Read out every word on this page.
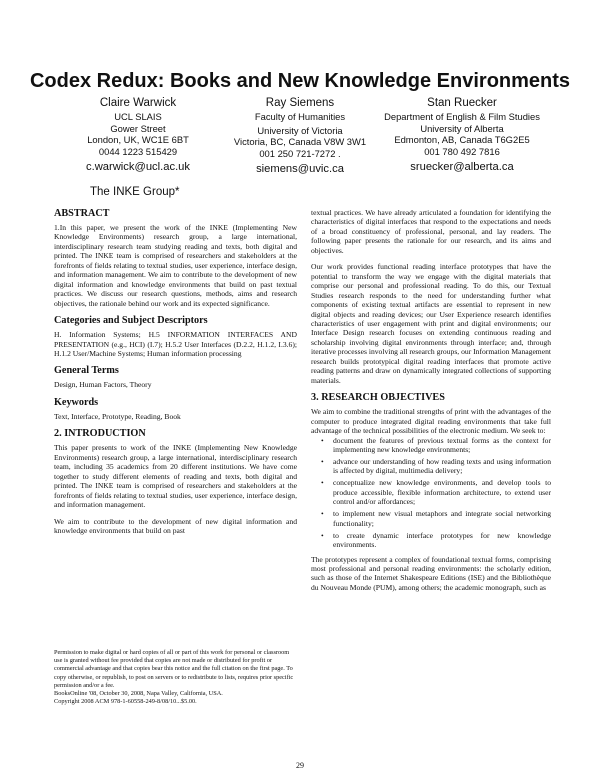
Codex Redux: Books and New Knowledge Environments
Claire Warwick
UCL SLAIS
Gower Street
London, UK, WC1E 6BT
0044 1223 515429
c.warwick@ucl.ac.uk
Ray Siemens
Faculty of Humanities
University of Victoria
Victoria, BC, Canada V8W 3W1
001 250 721-7272 .
siemens@uvic.ca
Stan Ruecker
Department of English & Film Studies
University of Alberta
Edmonton, AB, Canada T6G2E5
001 780 492 7816
sruecker@alberta.ca
The INKE Group*
ABSTRACT

1.In this paper, we present the work of the INKE (Implementing New Knowledge Environments) research group, a large international, interdisciplinary research team studying reading and texts, both digital and printed. The INKE team is comprised of researchers and stakeholders at the forefronts of fields relating to textual studies, user experience, interface design, and information management. We aim to contribute to the development of new digital information and knowledge environments that build on past textual practices. We discuss our research questions, methods, aims and research objectives, the rationale behind our work and its expected significance.

Categories and Subject Descriptors

H. Information Systems; H.5 INFORMATION INTERFACES AND PRESENTATION (e.g., HCI) (I.7); H.5.2 User Interfaces (D.2.2, H.1.2, I.3.6); H.1.2 User/Machine Systems; Human information processing

General Terms

Design, Human Factors, Theory

Keywords

Text, Interface, Prototype, Reading, Book

2. INTRODUCTION

This paper presents to work of the INKE (Implementing New Knowledge Environments) research group, a large international, interdisciplinary research team, including 35 academics from 20 different institutions. We have come together to study different elements of reading and texts, both digital and printed. The INKE team is comprised of researchers and stakeholders at the forefronts of fields relating to textual studies, user experience, interface design, and information management.

We aim to contribute to the development of new digital information and knowledge environments that build on past

Permission to make digital or hard copies of all or part of this work for personal or classroom use is granted without fee provided that copies are not made or distributed for profit or commercial advantage and that copies bear this notice and the full citation on the first page. To copy otherwise, or republish, to post on servers or to redistribute to lists, requires prior specific permission and/or a fee.

BooksOnline '08, October 30, 2008, Napa Valley, California, USA.

Copyright 2008 ACM 978-1-60558-249-8/08/10...$5.00.

textual practices. We have already articulated a foundation for identifying the characteristics of digital interfaces that respond to the expectations and needs of a broad constituency of professional, personal, and lay readers. The following paper presents the rationale for our research, and its aims and objectives.

Our work provides functional reading interface prototypes that have the potential to transform the way we engage with the digital materials that comprise our personal and professional reading. To do this, our Textual Studies research responds to the need for understanding further what components of existing textual artifacts are essential to represent in new digital objects and reading devices; our User Experience research identifies characteristics of user engagement with print and digital environments; our Interface Design research focuses on extending continuous reading and scholarship involving digital environments through interface; and, through iterative processes involving all research groups, our Information Management research builds prototypical digital reading interfaces that promote active reading patterns and draw on dynamically integrated collections of supporting materials.

3. RESEARCH OBJECTIVES

We aim to combine the traditional strengths of print with the advantages of the computer to produce integrated digital reading environments that take full advantage of the technical possibilities of the electronic medium. We seek to:

• document the features of previous textual forms as the context for implementing new knowledge environments;
• advance our understanding of how reading texts and using information is affected by digital, multimedia delivery;
• conceptualize new knowledge environments, and develop tools to produce accessible, flexible information architecture, to extend user control and/or affordances;
• to implement new visual metaphors and integrate social networking functionality;
• to create dynamic interface prototypes for new knowledge environments.

The prototypes represent a complex of foundational textual forms, comprising most professional and personal reading environments: the scholarly edition, such as those of the Internet Shakespeare Editions (ISE) and the Bibliothèque du Nouveau Monde (PUM), among others; the academic monograph, such as

29
